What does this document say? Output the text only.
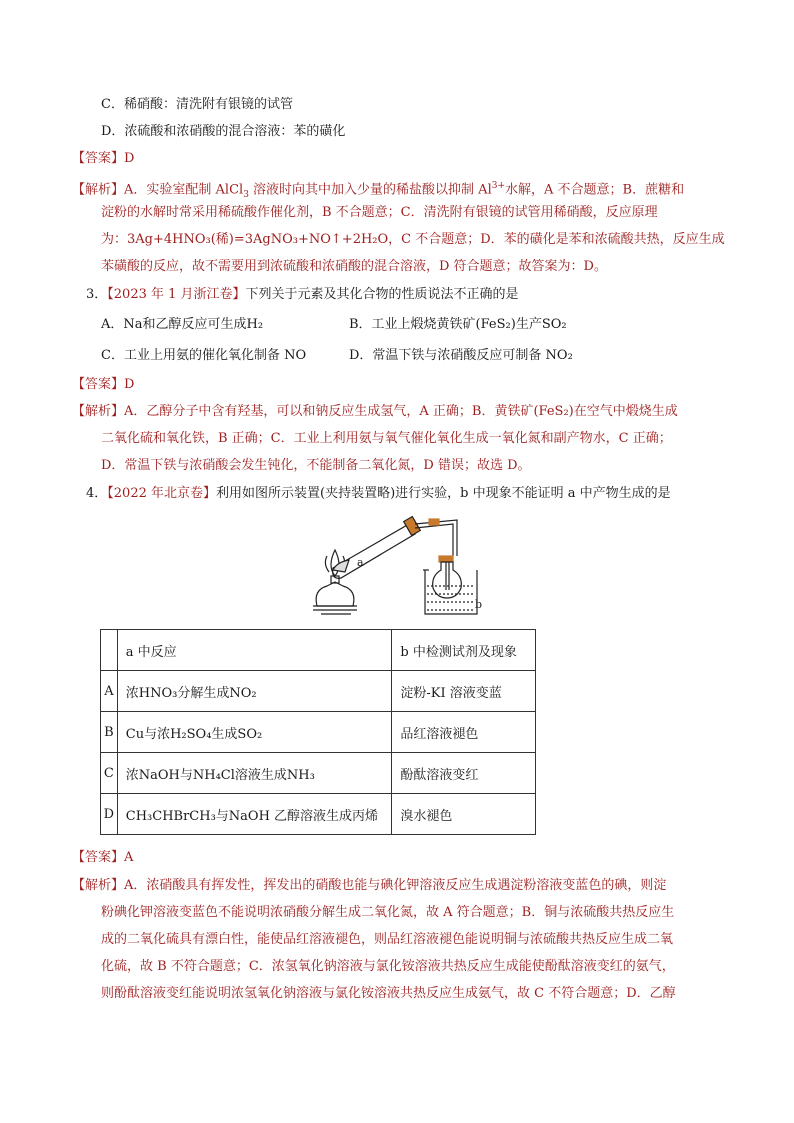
C．稀硝酸：清洗附有银镜的试管
D．浓硫酸和浓硝酸的混合溶液：苯的磺化
【答案】D
【解析】A．实验室配制 AlCl$_3$ 溶液时向其中加入少量的稀盐酸以抑制 $Al^{3+}$水解，A 不合题意；B．蔗糖和
淀粉的水解时常采用稀硫酸作催化剂，B 不合题意；C．清洗附有银镜的试管用稀硝酸，反应原理
为：3Ag+4HNO₃(稀)=3AgNO₃+NO↑+2H₂O，C 不合题意；D．苯的磺化是苯和浓硫酸共热，反应生成
苯磺酸的反应，故不需要用到浓硫酸和浓硝酸的混合溶液，D 符合题意；故答案为：D。
3．【2023 年 1 月浙江卷】下列关于元素及其化合物的性质说法不正确的是
A．Na和乙醇反应可生成H₂	B．工业上煅烧黄铁矿(FeS₂)生产SO₂
C．工业上用氨的催化氧化制备 NO	D．常温下铁与浓硝酸反应可制备 NO₂
【答案】D
【解析】A．乙醇分子中含有羟基，可以和钠反应生成氢气，A 正确；B．黄铁矿(FeS₂)在空气中煅烧生成
二氧化硫和氧化铁，B 正确；C．工业上利用氨与氧气催化氧化生成一氧化氮和副产物水，C 正确；
D．常温下铁与浓硝酸会发生钝化，不能制备二氧化氮，D 错误；故选 D。
4．【2022 年北京卷】利用如图所示装置(夹持装置略)进行实验，b 中现象不能证明 a 中产物生成的是
a
b
	a 中反应	b 中检测试剂及现象
A	浓HNO₃分解生成NO₂	淀粉-KI 溶液变蓝
B	Cu与浓H₂SO₄生成SO₂	品红溶液褪色
C	浓NaOH与NH₄Cl溶液生成NH₃	酚酞溶液变红
D	CH₃CHBrCH₃与NaOH 乙醇溶液生成丙烯	溴水褪色
【答案】A
【解析】A．浓硝酸具有挥发性，挥发出的硝酸也能与碘化钾溶液反应生成遇淀粉溶液变蓝色的碘，则淀
粉碘化钾溶液变蓝色不能说明浓硝酸分解生成二氧化氮，故 A 符合题意；B．铜与浓硫酸共热反应生
成的二氧化硫具有漂白性，能使品红溶液褪色，则品红溶液褪色能说明铜与浓硫酸共热反应生成二氧
化硫，故 B 不符合题意；C．浓氢氧化钠溶液与氯化铵溶液共热反应生成能使酚酞溶液变红的氨气，
则酚酞溶液变红能说明浓氢氧化钠溶液与氯化铵溶液共热反应生成氨气，故 C 不符合题意；D．乙醇
